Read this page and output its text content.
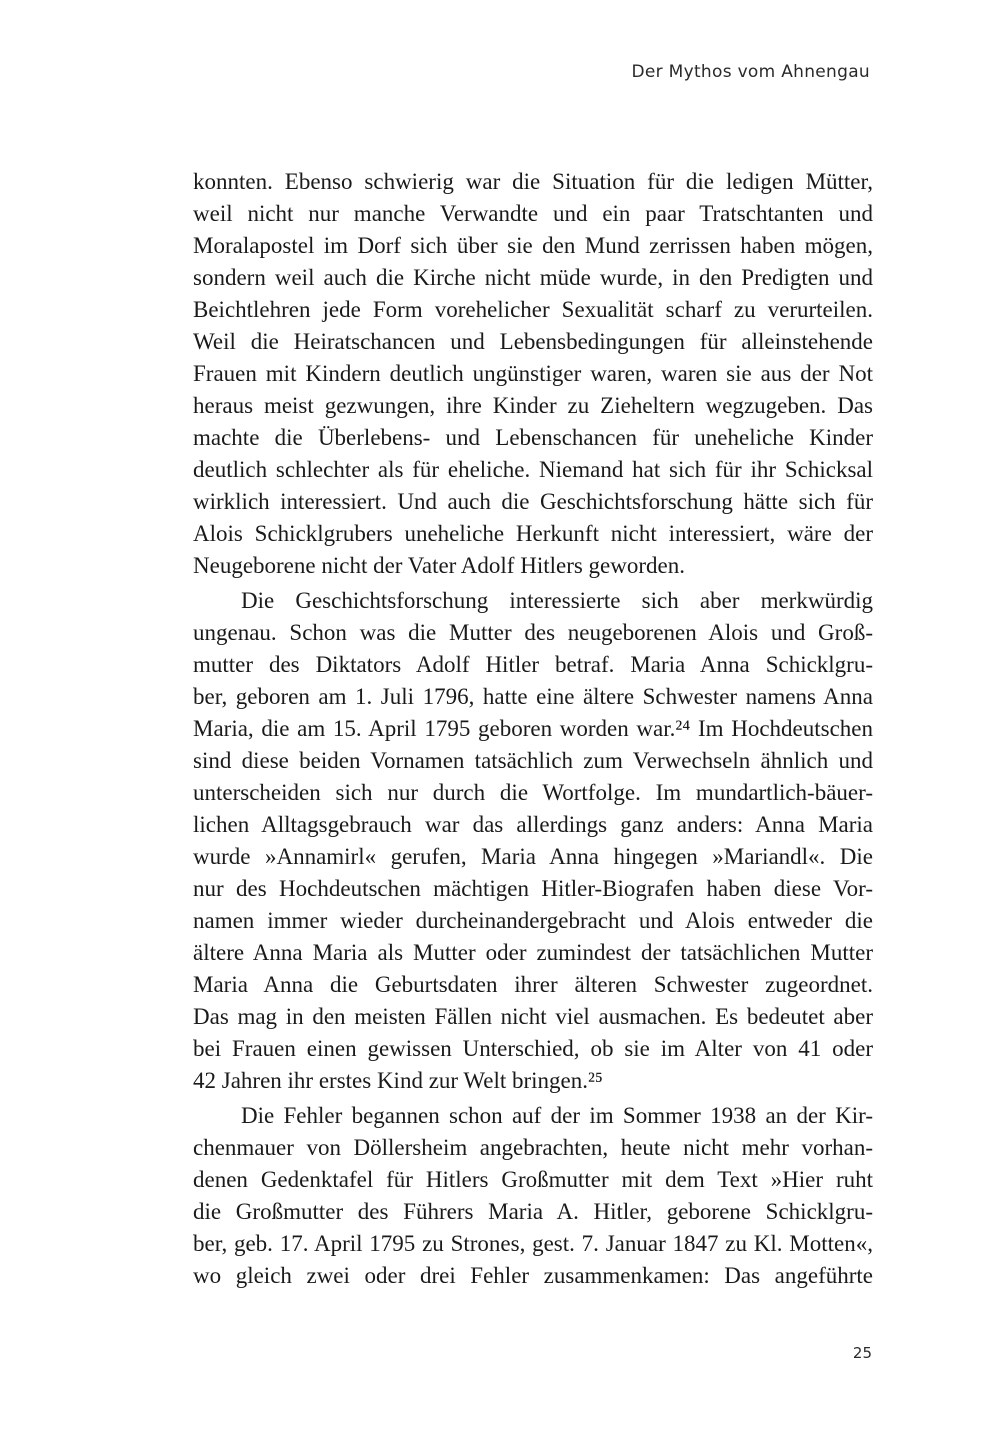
Der Mythos vom Ahnengau
konnten. Ebenso schwierig war die Situation für die ledigen Mütter,
weil nicht nur manche Verwandte und ein paar Tratschtanten und
Moralapostel im Dorf sich über sie den Mund zerrissen haben mögen,
sondern weil auch die Kirche nicht müde wurde, in den Predigten und
Beichtlehren jede Form vorehelicher Sexualität scharf zu verurteilen.
Weil die Heiratschancen und Lebensbedingungen für alleinstehende
Frauen mit Kindern deutlich ungünstiger waren, waren sie aus der Not
heraus meist gezwungen, ihre Kinder zu Zieheltern wegzugeben. Das
machte die Überlebens- und Lebenschancen für uneheliche Kinder
deutlich schlechter als für eheliche. Niemand hat sich für ihr Schicksal
wirklich interessiert. Und auch die Geschichtsforschung hätte sich für
Alois Schicklgrubers uneheliche Herkunft nicht interessiert, wäre der
Neugeborene nicht der Vater Adolf Hitlers geworden.
Die Geschichtsforschung interessierte sich aber merkwürdig
ungenau. Schon was die Mutter des neugeborenen Alois und Groß-
mutter des Diktators Adolf Hitler betraf. Maria Anna Schicklgru-
ber, geboren am 1. Juli 1796, hatte eine ältere Schwester namens Anna
Maria, die am 15. April 1795 geboren worden war.²⁴ Im Hochdeutschen
sind diese beiden Vornamen tatsächlich zum Verwechseln ähnlich und
unterscheiden sich nur durch die Wortfolge. Im mundartlich-bäuer-
lichen Alltagsgebrauch war das allerdings ganz anders: Anna Maria
wurde »Annamirl« gerufen, Maria Anna hingegen »Mariandl«. Die
nur des Hochdeutschen mächtigen Hitler-Biografen haben diese Vor-
namen immer wieder durcheinandergebracht und Alois entweder die
ältere Anna Maria als Mutter oder zumindest der tatsächlichen Mutter
Maria Anna die Geburtsdaten ihrer älteren Schwester zugeordnet.
Das mag in den meisten Fällen nicht viel ausmachen. Es bedeutet aber
bei Frauen einen gewissen Unterschied, ob sie im Alter von 41 oder
42 Jahren ihr erstes Kind zur Welt bringen.²⁵
Die Fehler begannen schon auf der im Sommer 1938 an der Kir-
chenmauer von Döllersheim angebrachten, heute nicht mehr vorhan-
denen Gedenktafel für Hitlers Großmutter mit dem Text »Hier ruht
die Großmutter des Führers Maria A. Hitler, geborene Schicklgru-
ber, geb. 17. April 1795 zu Strones, gest. 7. Januar 1847 zu Kl. Motten«,
wo gleich zwei oder drei Fehler zusammenkamen: Das angeführte
25
